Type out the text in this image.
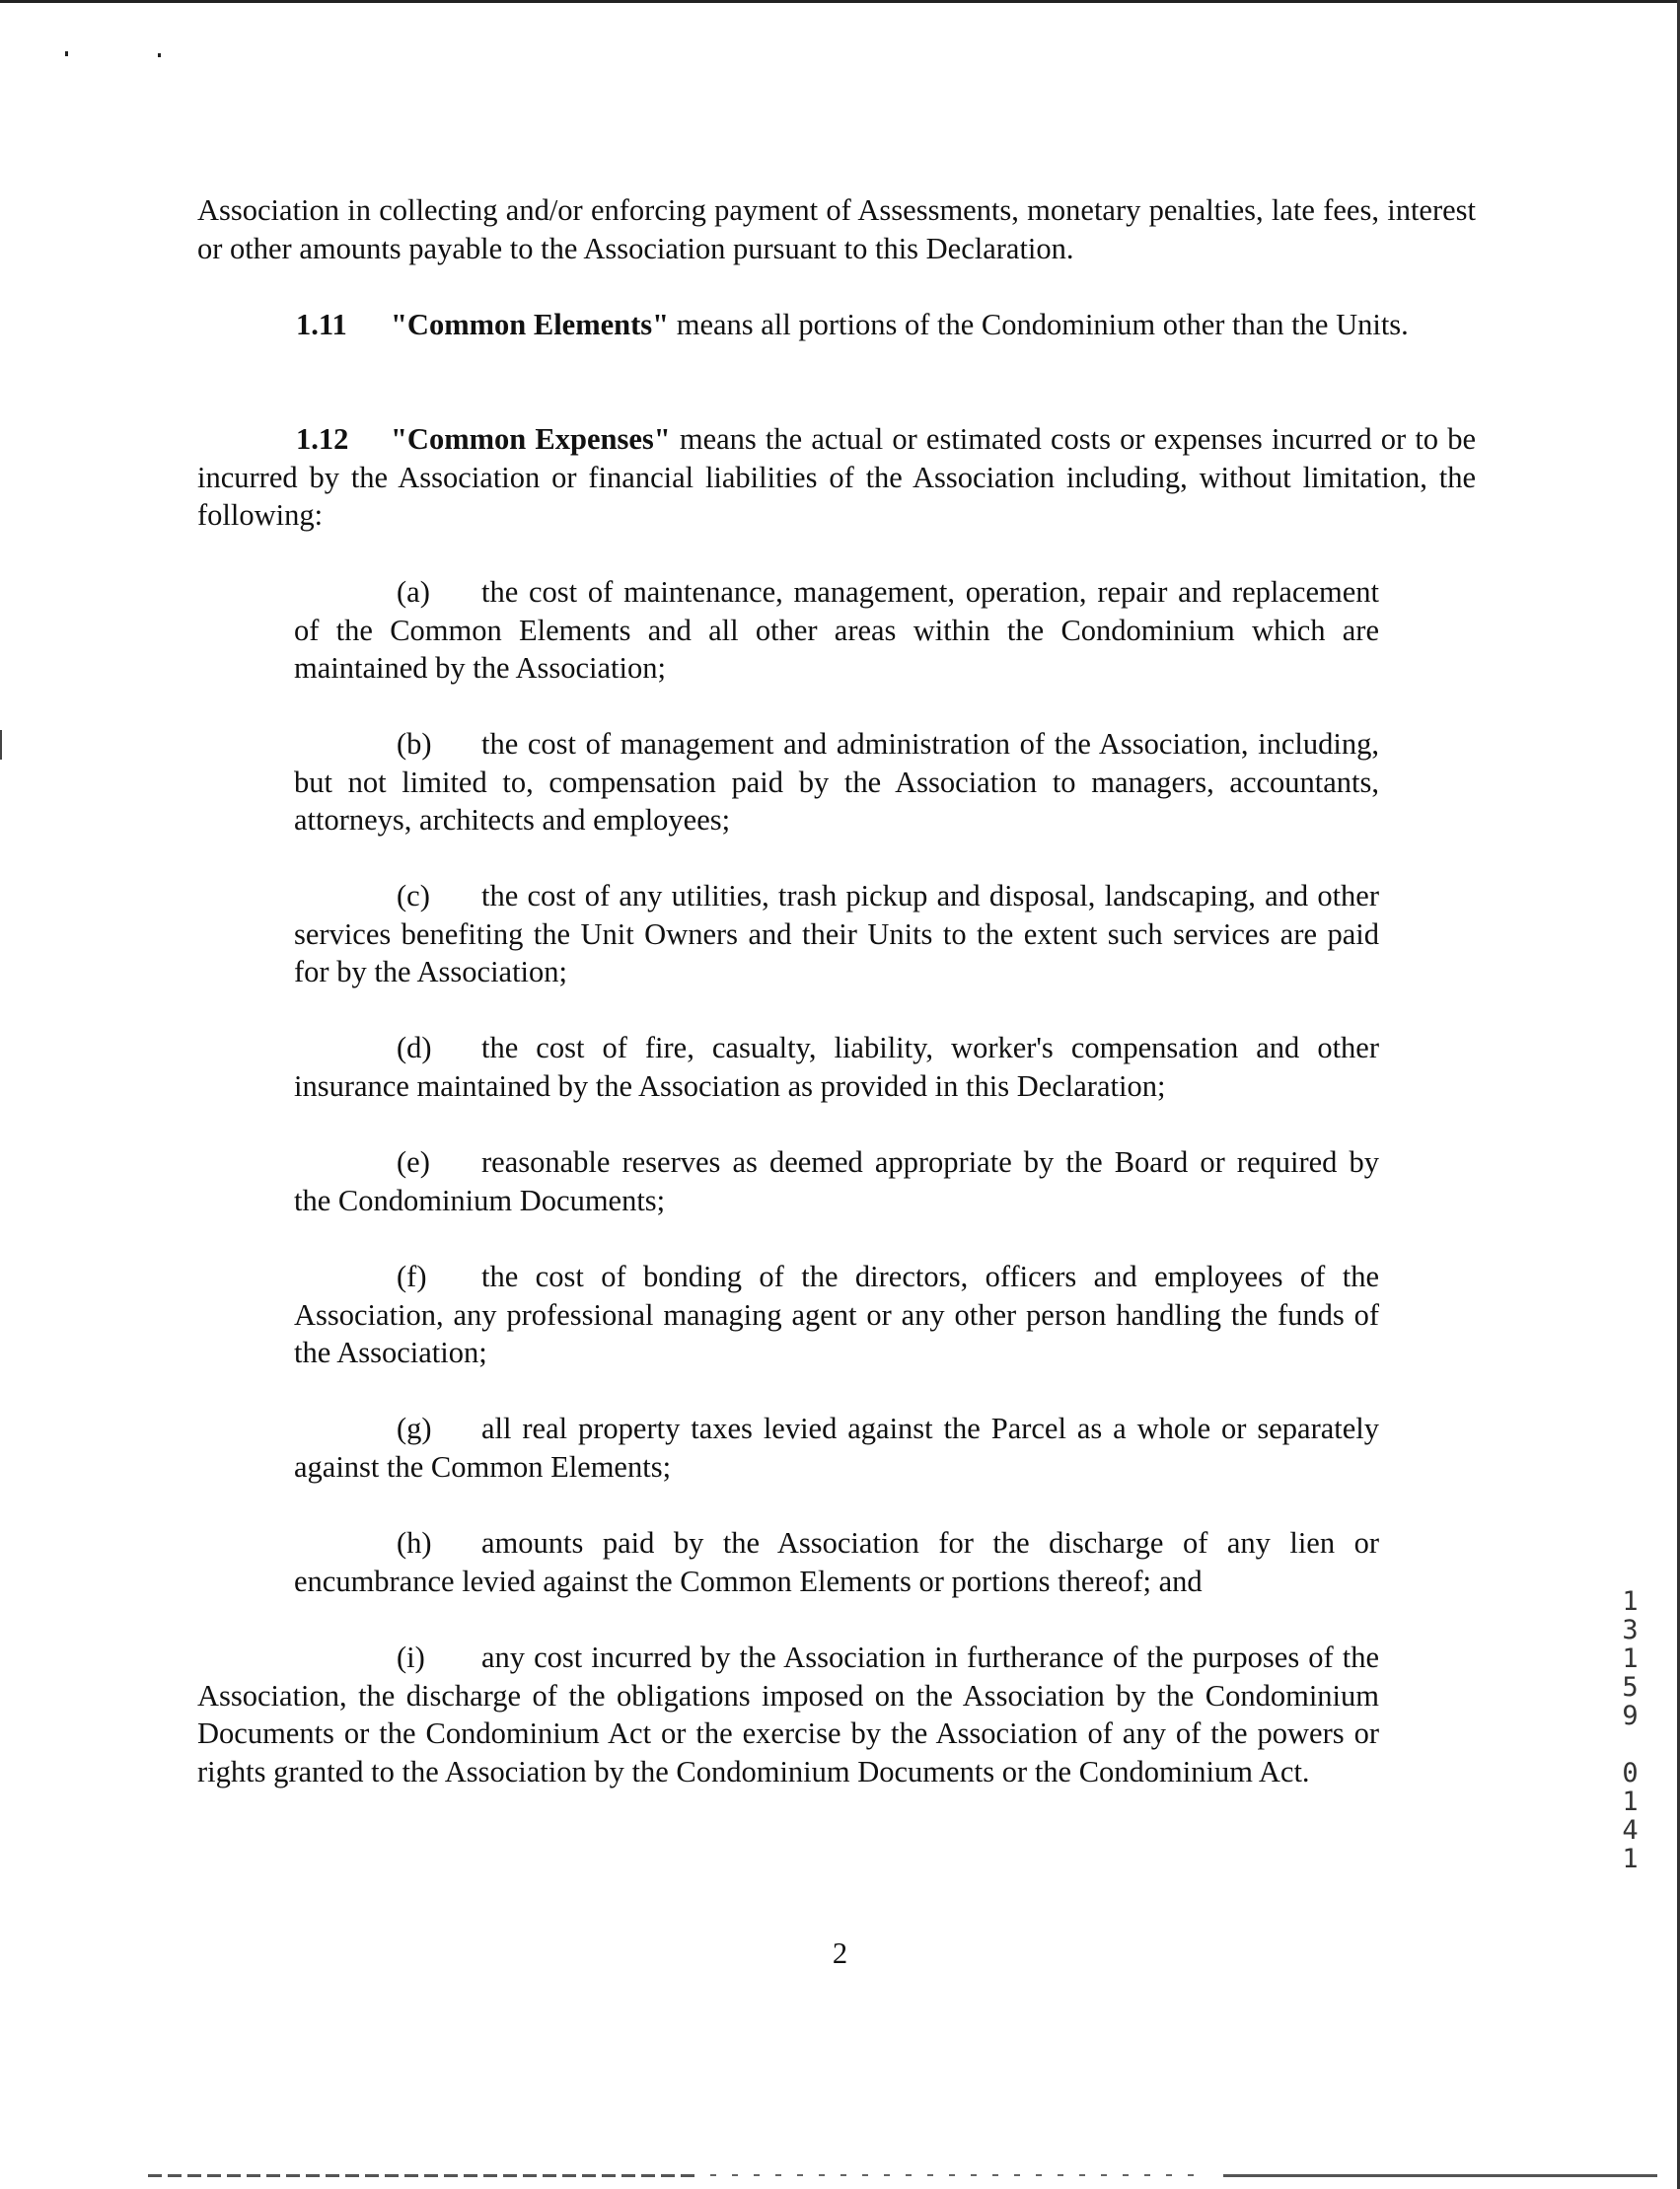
Association in collecting and/or enforcing payment of Assessments, monetary penalties, late fees, interest or other amounts payable to the Association pursuant to this Declaration.

1.11 "Common Elements" means all portions of the Condominium other than the Units.

1.12 "Common Expenses" means the actual or estimated costs or expenses incurred or to be incurred by the Association or financial liabilities of the Association including, without limitation, the following:

(a) the cost of maintenance, management, operation, repair and replacement of the Common Elements and all other areas within the Condominium which are maintained by the Association;

(b) the cost of management and administration of the Association, including, but not limited to, compensation paid by the Association to managers, accountants, attorneys, architects and employees;

(c) the cost of any utilities, trash pickup and disposal, landscaping, and other services benefiting the Unit Owners and their Units to the extent such services are paid for by the Association;

(d) the cost of fire, casualty, liability, worker's compensation and other insurance maintained by the Association as provided in this Declaration;

(e) reasonable reserves as deemed appropriate by the Board or required by the Condominium Documents;

(f) the cost of bonding of the directors, officers and employees of the Association, any professional managing agent or any other person handling the funds of the Association;

(g) all real property taxes levied against the Parcel as a whole or separately against the Common Elements;

(h) amounts paid by the Association for the discharge of any lien or encumbrance levied against the Common Elements or portions thereof; and

(i) any cost incurred by the Association in furtherance of the purposes of the Association, the discharge of the obligations imposed on the Association by the Condominium Documents or the Condominium Act or the exercise by the Association of any of the powers or rights granted to the Association by the Condominium Documents or the Condominium Act.

2
13159 0141
